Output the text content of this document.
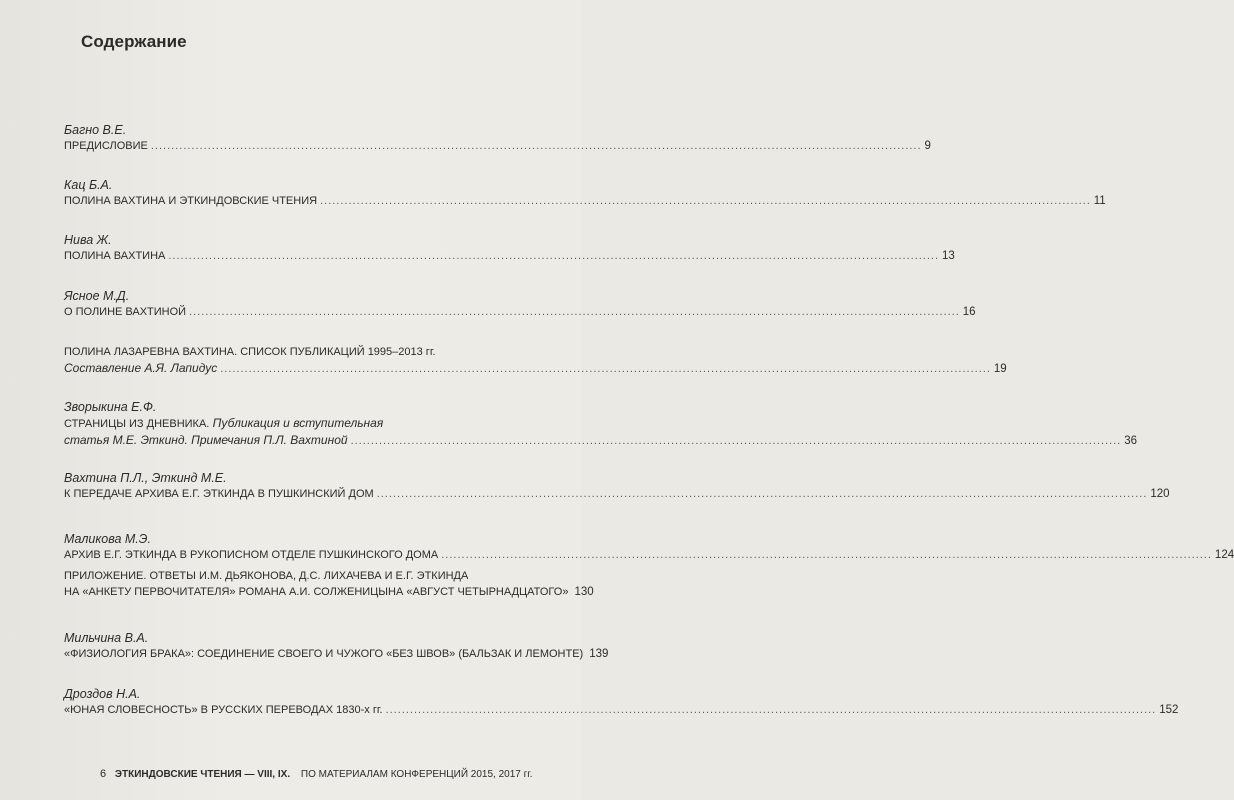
Содержание
Багно В.Е.
ПРЕДИСЛОВИЕ .....	9
Кац Б.А.
ПОЛИНА ВАХТИНА И ЭТКИНДОВСКИЕ ЧТЕНИЯ .....	11
Нива Ж.
ПОЛИНА ВАХТИНА .....	13
Ясное М.Д.
О ПОЛИНЕ ВАХТИНОЙ .....	16
ПОЛИНА ЛАЗАРЕВНА ВАХТИНА. СПИСОК ПУБЛИКАЦИЙ 1995–2013 гг.
Составление А.Я. Лапидус .....	19
Зворыкина Е.Ф.
СТРАНИЦЫ ИЗ ДНЕВНИКА. Публикация и вступительная
статья М.Е. Эткинд. Примечания П.Л. Вахтиной .....	36
Вахтина П.Л., Эткинд М.Е.
К ПЕРЕДАЧЕ АРХИВА Е.Г. ЭТКИНДА В ПУШКИНСКИЙ ДОМ .....	120
Маликова М.Э.
АРХИВ Е.Г. ЭТКИНДА В РУКОПИСНОМ ОТДЕЛЕ ПУШКИНСКОГО ДОМА .....	124
ПРИЛОЖЕНИЕ. ОТВЕТЫ И.М. ДЬЯКОНОВА, Д.С. ЛИХАЧЕВА И Е.Г. ЭТКИНДА
НА «АНКЕТУ ПЕРВОЧИТАТЕЛЯ» РОМАНА А.И. СОЛЖЕНИЦЫНА «АВГУСТ ЧЕТЫРНАДЦАТОГО» 130
Мильчина В.А.
«ФИЗИОЛОГИЯ БРАКА»: СОЕДИНЕНИЕ СВОЕГО И ЧУЖОГО «БЕЗ ШВОВ» (БАЛЬЗАК И ЛЕМОНТЕ) 139
Дроздов Н.А.
«ЮНАЯ СЛОВЕСНОСТЬ» В РУССКИХ ПЕРЕВОДАХ 1830-х гг. .....	152
6 ЭТКИНДОВСКИЕ ЧТЕНИЯ — VIII, IX. ПО МАТЕРИАЛАМ КОНФЕРЕНЦИЙ 2015, 2017 гг.
